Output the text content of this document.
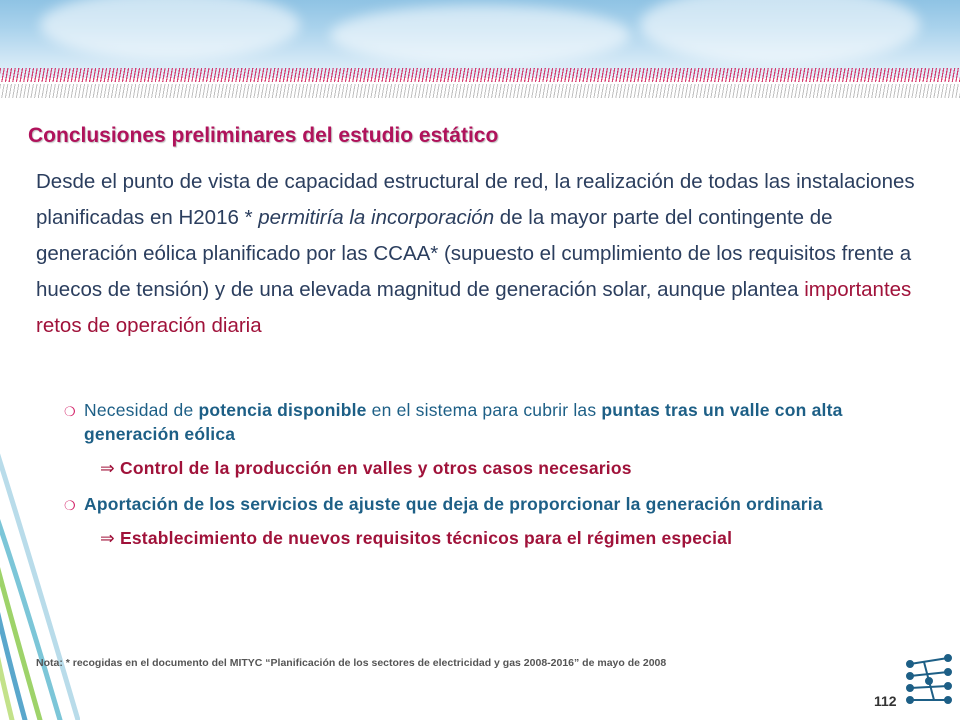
Conclusiones preliminares del estudio estático
Desde el punto de vista de capacidad estructural de red, la realización de todas las instalaciones planificadas en H2016 * permitiría la incorporación de la mayor parte del contingente de generación eólica planificado por las CCAA* (supuesto el cumplimiento de los requisitos frente a huecos de tensión) y de una elevada magnitud de generación solar, aunque plantea importantes retos de operación diaria
❍ Necesidad de potencia disponible en el sistema para cubrir las puntas tras un valle con alta generación eólica
⇒ Control de la producción en valles y otros casos necesarios
❍ Aportación de los servicios de ajuste que deja de proporcionar la generación ordinaria
⇒ Establecimiento de nuevos requisitos técnicos para el régimen especial
Nota: * recogidas en el documento del MITYC “Planificación de los sectores de electricidad y gas 2008-2016” de mayo de 2008
112
